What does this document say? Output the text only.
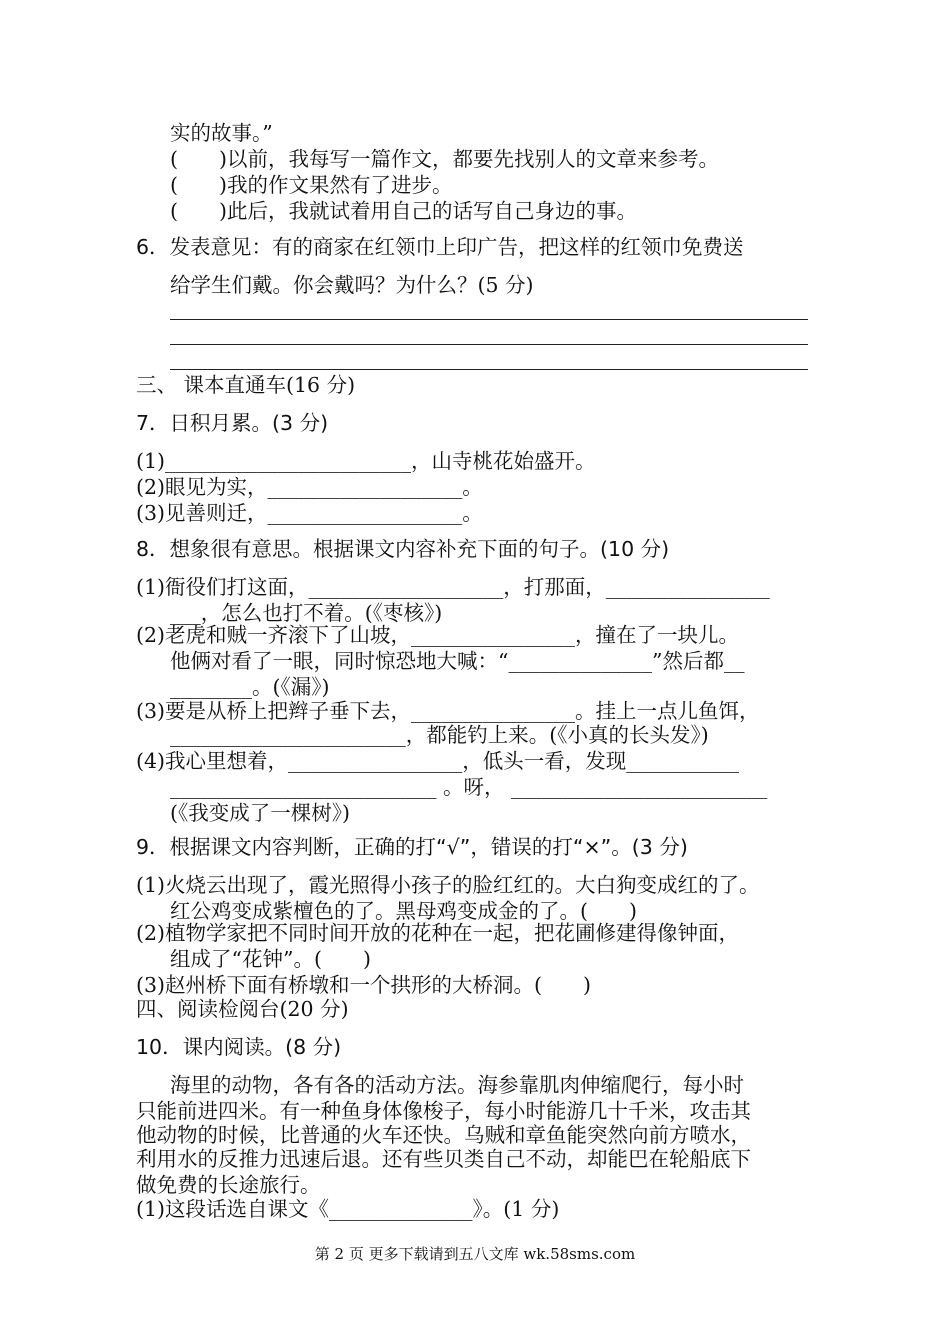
实的故事。”
(　　)以前，我每写一篇作文，都要先找别人的文章来参考。
(　　)我的作文果然有了进步。
(　　)此后，我就试着用自己的话写自己身边的事。
6．发表意见：有的商家在红领巾上印广告，把这样的红领巾免费送
给学生们戴。你会戴吗？为什么？(5 分)
三、 课本直通车(16 分)
7．日积月累。(3 分)
(1)________________________，山寺桃花始盛开。
(2)眼见为实，___________________。
(3)见善则迁，___________________。
8．想象很有意思。根据课文内容补充下面的句子。(10 分)
(1)衙役们打这面，___________________，打那面，________________
___，怎么也打不着。(《枣核》)
(2)老虎和贼一齐滚下了山坡，________________，撞在了一块儿。
他俩对看了一眼，同时惊恐地大喊：“______________”然后都__
________。(《漏》)
(3)要是从桥上把辫子垂下去，________________。挂上一点儿鱼饵，
_______________________，都能钓上来。(《小真的长头发》)
(4)我心里想着，_________________，低头一看，发现___________
__________________________ 。呀， _________________________
(《我变成了一棵树》)
9．根据课文内容判断，正确的打“√”，错误的打“×”。(3 分)
(1)火烧云出现了，霞光照得小孩子的脸红红的。大白狗变成红的了。
红公鸡变成紫檀色的了。黑母鸡变成金的了。(　　)
(2)植物学家把不同时间开放的花种在一起，把花圃修建得像钟面，
组成了“花钟”。(　　)
(3)赵州桥下面有桥墩和一个拱形的大桥洞。(　　)
四、阅读检阅台(20 分)
10．课内阅读。(8 分)
海里的动物，各有各的活动方法。海参靠肌肉伸缩爬行，每小时
只能前进四米。有一种鱼身体像梭子，每小时能游几十千米，攻击其
他动物的时候，比普通的火车还快。乌贼和章鱼能突然向前方喷水，
利用水的反推力迅速后退。还有些贝类自己不动，却能巴在轮船底下
做免费的长途旅行。
(1)这段话选自课文《______________》。(1 分)
第 2 页 更多下载请到五八文库 wk.58sms.com
